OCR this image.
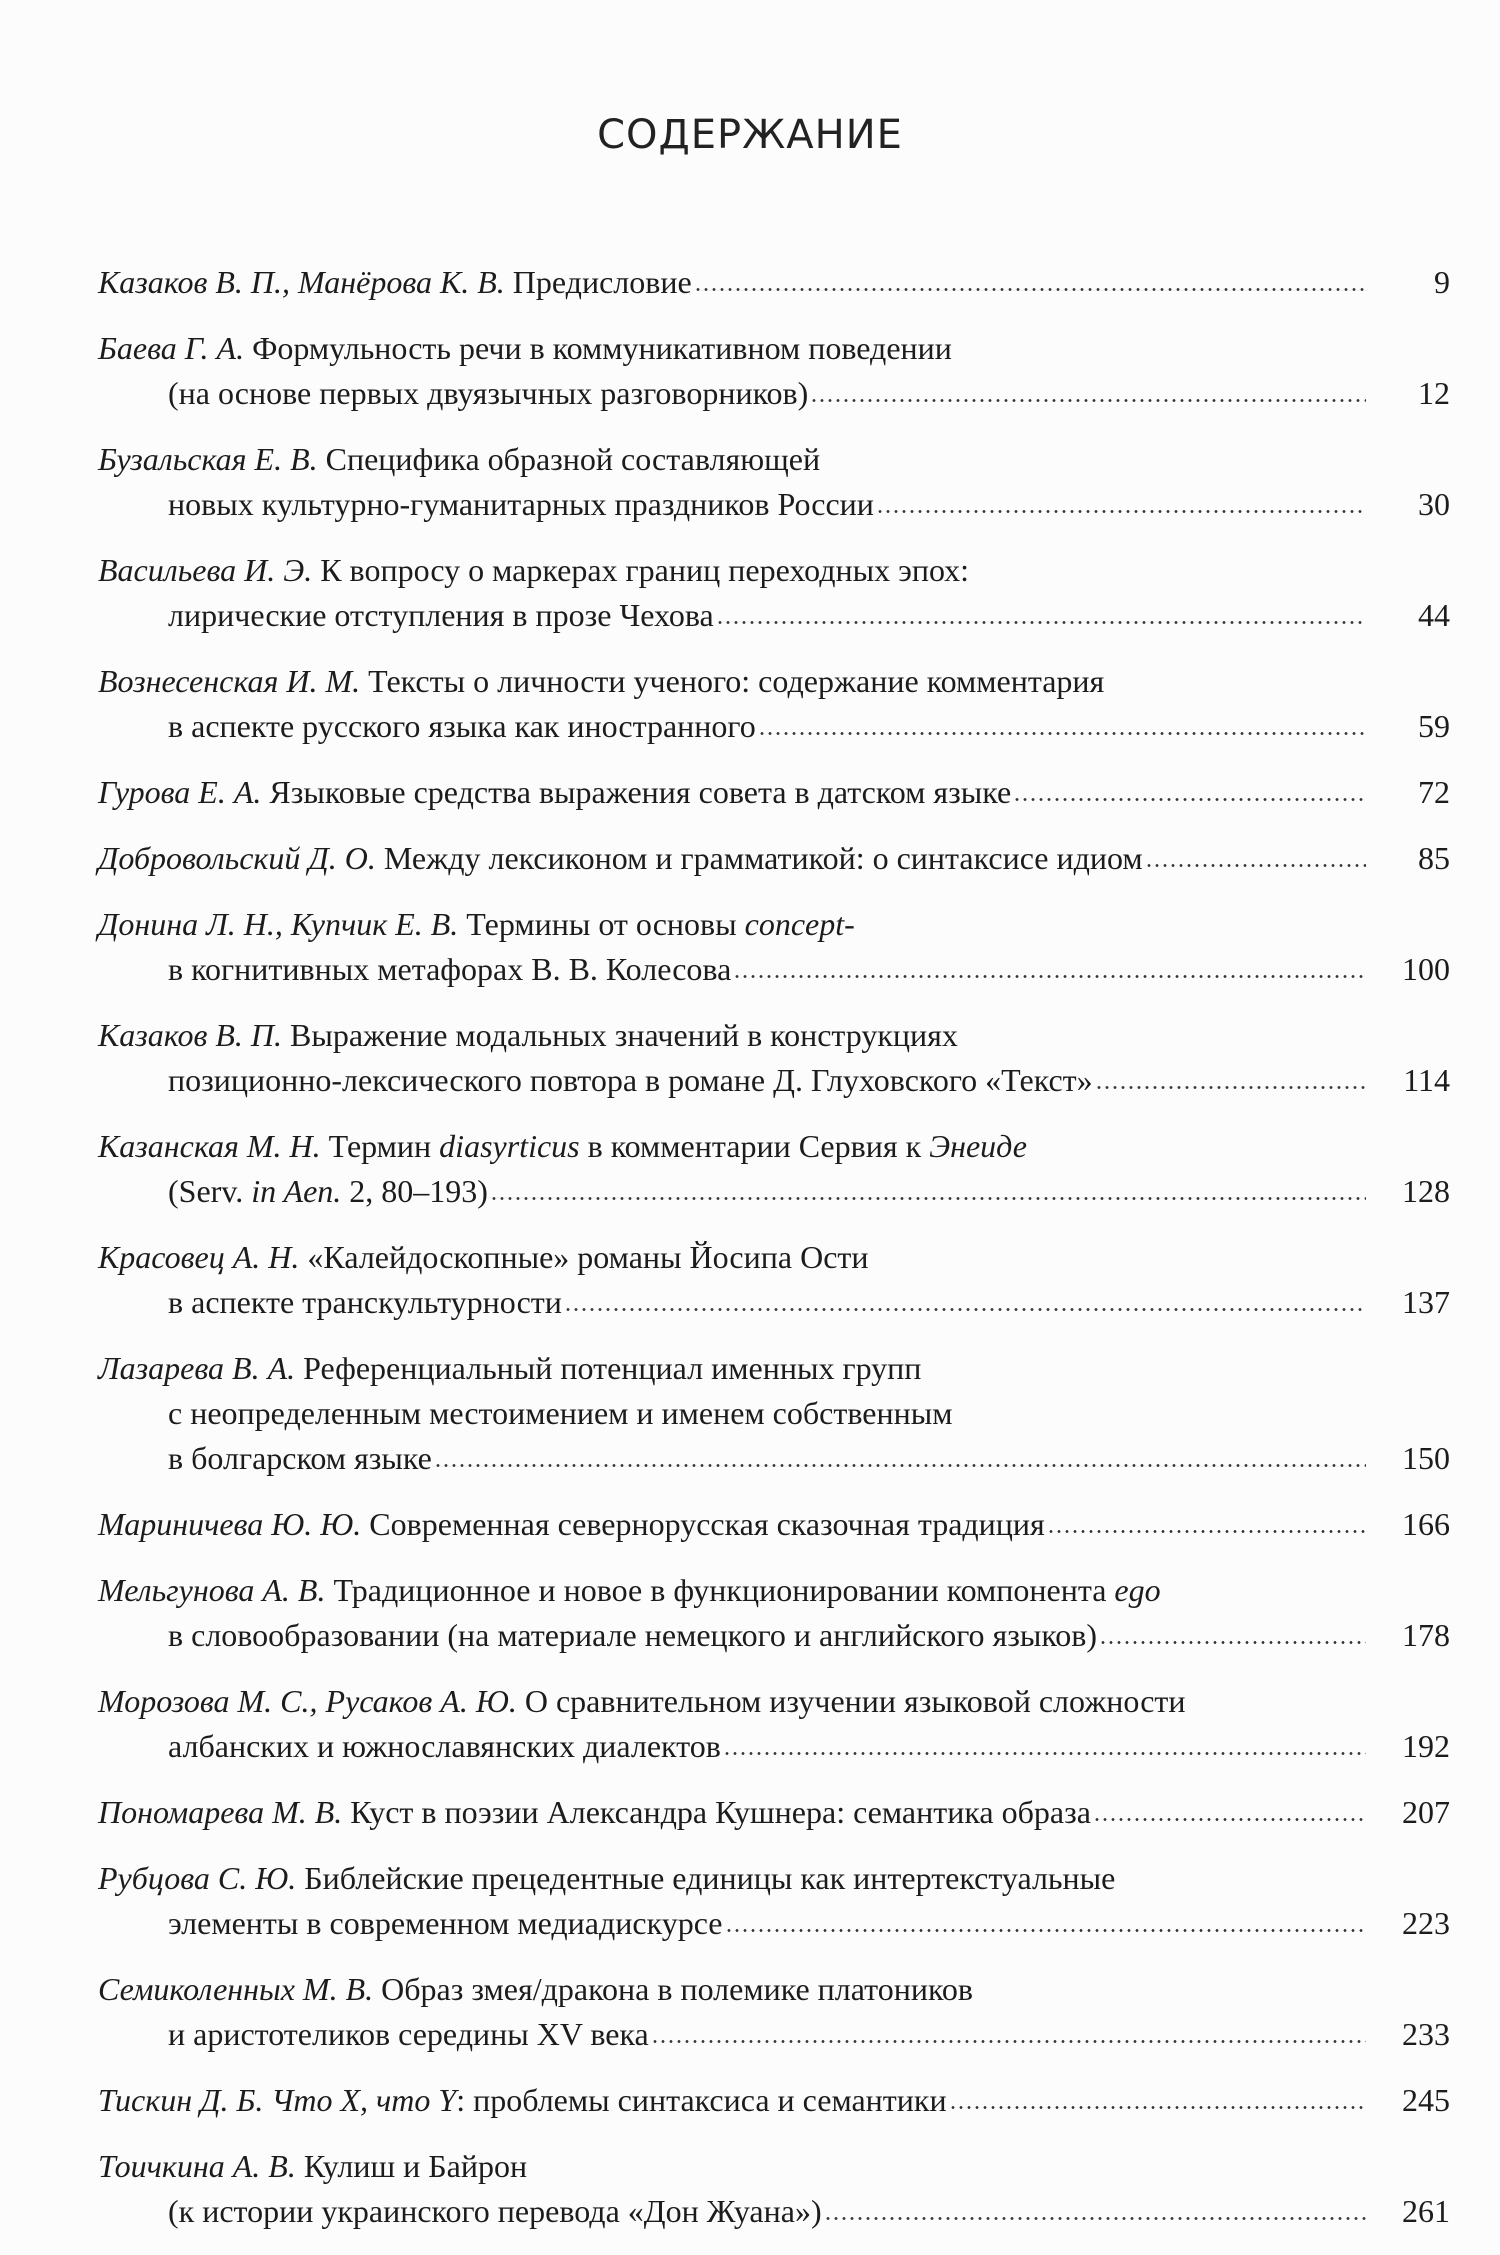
СОДЕРЖАНИЕ
Казаков В. П., Манёрова К. В. Предисловие	9
Баева Г. А. Формульность речи в коммуникативном поведении
(на основе первых двуязычных разговорников)	12
Бузальская Е. В. Специфика образной составляющей
новых культурно-гуманитарных праздников России	30
Васильева И. Э. К вопросу о маркерах границ переходных эпох:
лирические отступления в прозе Чехова	44
Вознесенская И. М. Тексты о личности ученого: содержание комментария
в аспекте русского языка как иностранного	59
Гурова Е. А. Языковые средства выражения совета в датском языке	72
Добровольский Д. О. Между лексиконом и грамматикой: о синтаксисе идиом	85
Донина Л. Н., Купчик Е. В. Термины от основы concept-
в когнитивных метафорах В. В. Колесова	100
Казаков В. П. Выражение модальных значений в конструкциях
позиционно-лексического повтора в романе Д. Глуховского «Текст»	114
Казанская М. Н. Термин diasyrticus в комментарии Сервия к Энеиде
(Serv. in Aen. 2, 80–193)	128
Красовец А. Н. «Калейдоскопные» романы Йосипа Ости
в аспекте транскультурности	137
Лазарева В. А. Референциальный потенциал именных групп
с неопределенным местоимением и именем собственным
в болгарском языке	150
Мариничева Ю. Ю. Современная севернорусская сказочная традиция	166
Мельгунова А. В. Традиционное и новое в функционировании компонента ego
в словообразовании (на материале немецкого и английского языков)	178
Морозова М. С., Русаков А. Ю. О сравнительном изучении языковой сложности
албанских и южнославянских диалектов	192
Пономарева М. В. Куст в поэзии Александра Кушнера: семантика образа	207
Рубцова С. Ю. Библейские прецедентные единицы как интертекстуальные
элементы в современном медиадискурсе	223
Семиколенных М. В. Образ змея/дракона в полемике платоников
и аристотеликов середины XV века	233
Тискин Д. Б. Что X, что Y: проблемы синтаксиса и семантики	245
Тоичкина А. В. Кулиш и Байрон
(к истории украинского перевода «Дон Жуана»)	261
